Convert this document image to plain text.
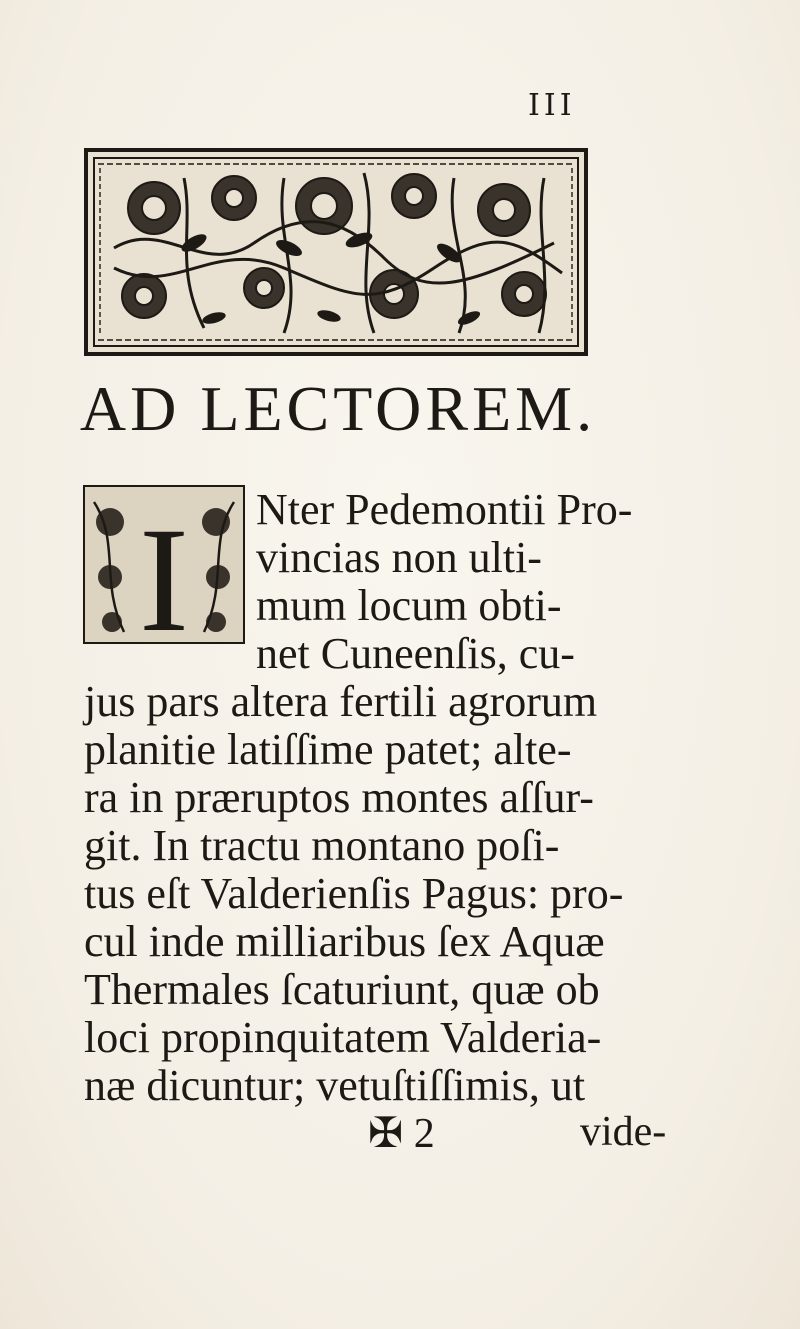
III
AD LECTOREM.
I Nter Pedemontii Pro-
vincias non ulti-
mum locum obti-
net Cuneenſis, cu-
jus pars altera fertili agrorum
planitie latiſſime patet; alte-
ra in præruptos montes aſſur-
git. In tractu montano poſi-
tus eſt Valderienſis Pagus: pro-
cul inde milliaribus ſex Aquæ
Thermales ſcaturiunt, quæ ob
loci propinquitatem Valderia-
næ dicuntur; vetuſtiſſimis, ut
✠ 2	vide-
